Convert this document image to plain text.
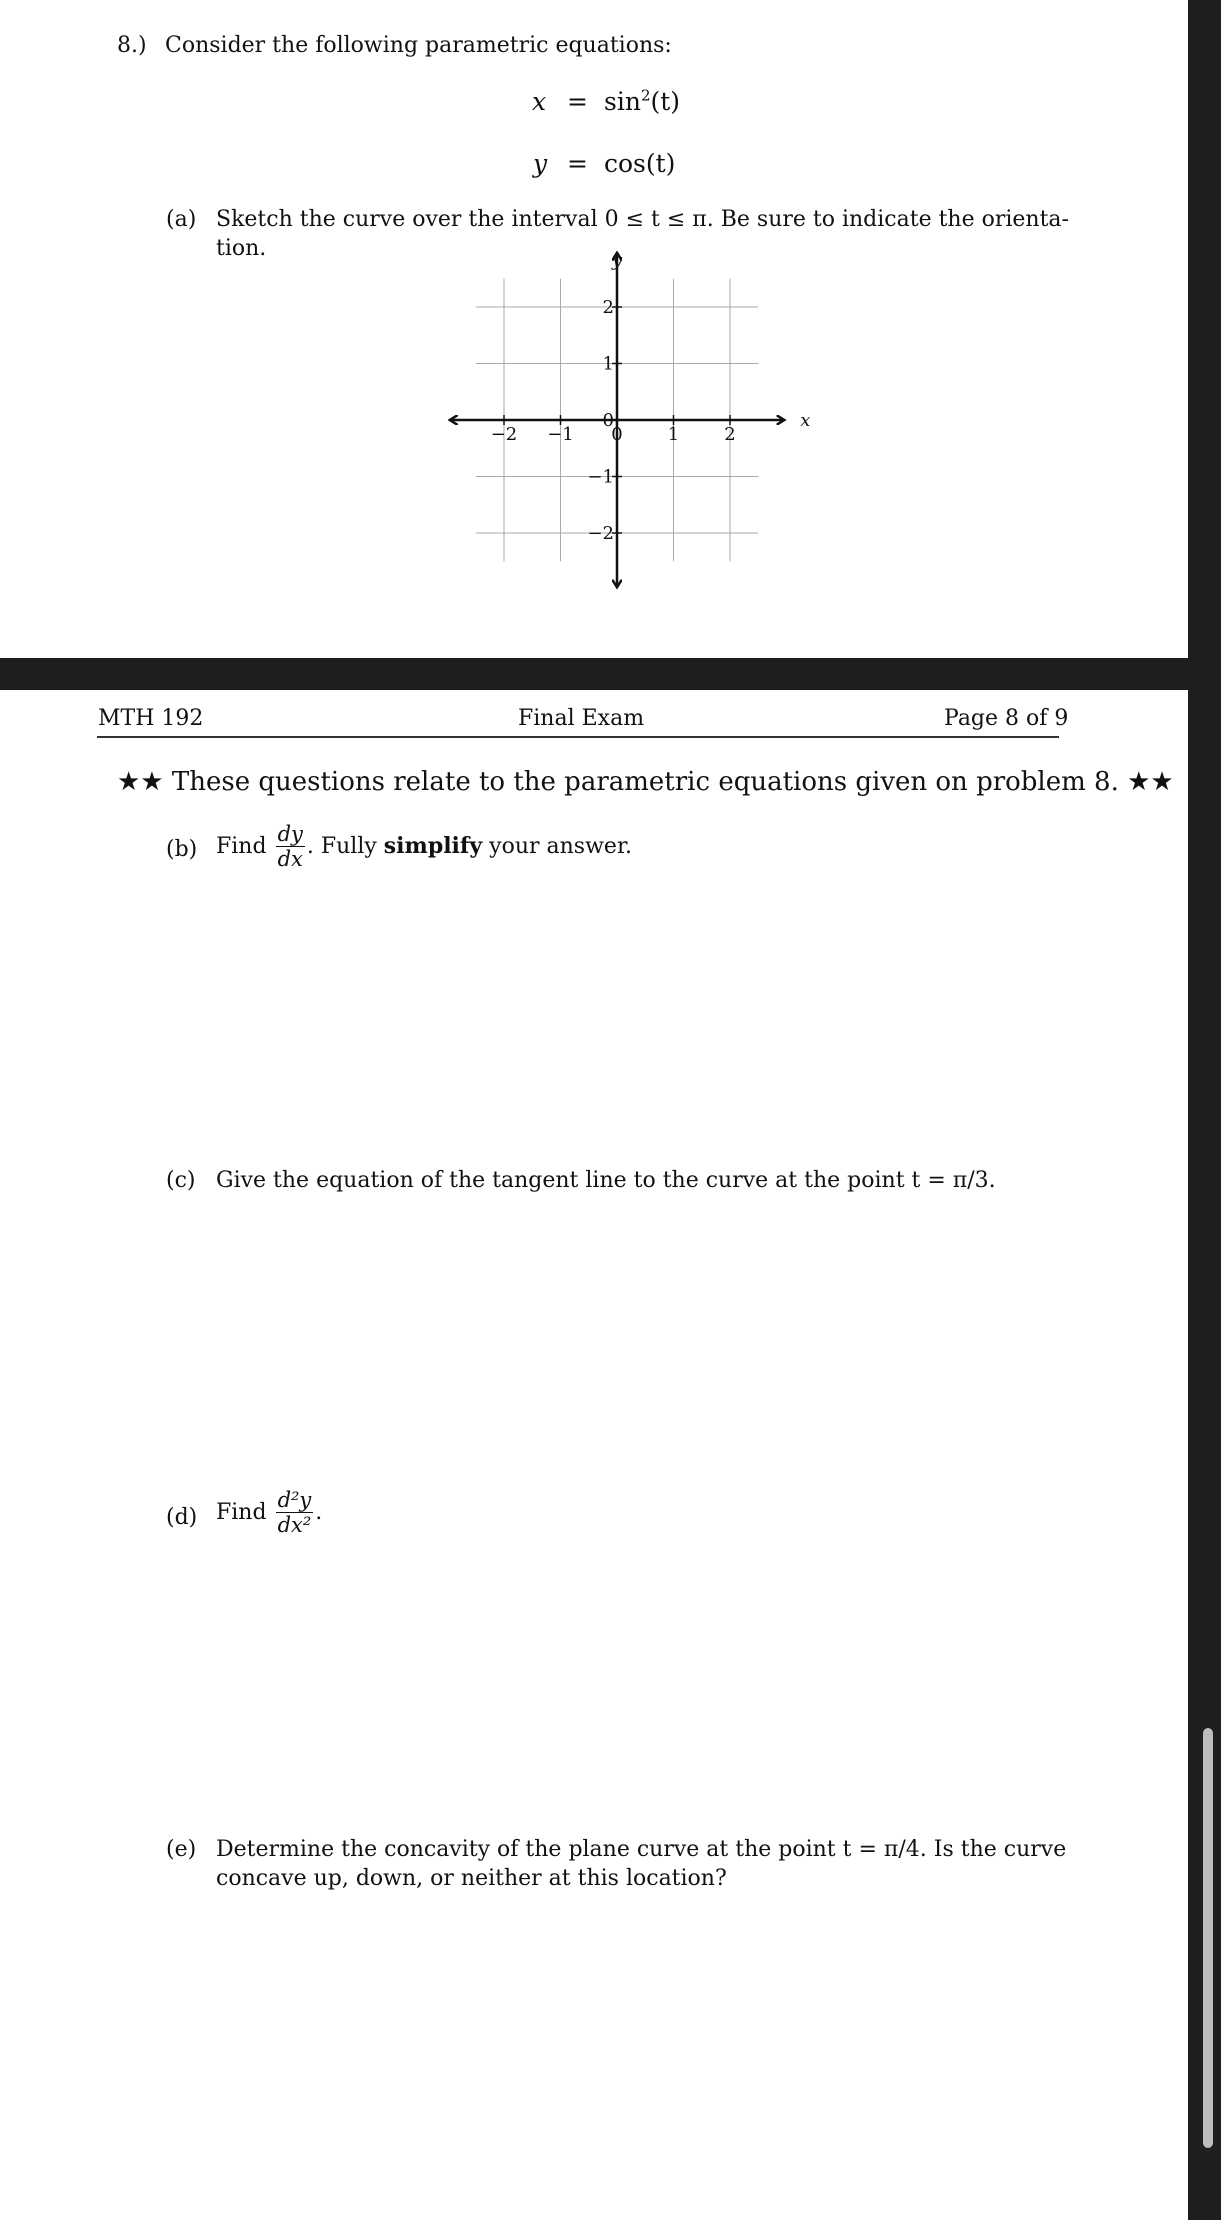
8.) Consider the following parametric equations:
$x = \sin^2(t)$
y = cos(t)
(a) Sketch the curve over the interval 0 ≤ t ≤ π. Be sure to indicate the orienta-
tion.
−2 −1 0	1	2
2
1
0
−1
−2
x
y
MTH 192	Final Exam	Page 8 of 9
★★ These questions relate to the parametric equations given on problem 8. ★★
(b) Find
$\frac{dy}{dx}$ . Fully simplify your answer.
(c) Give the equation of the tangent line to the curve at the point t = π/3.
(d) Find
$\frac{\text{d²y}}{\text{dx²}}$ .
(e) Determine the concavity of the plane curve at the point t = π/4. Is the curve
concave up, down, or neither at this location?
